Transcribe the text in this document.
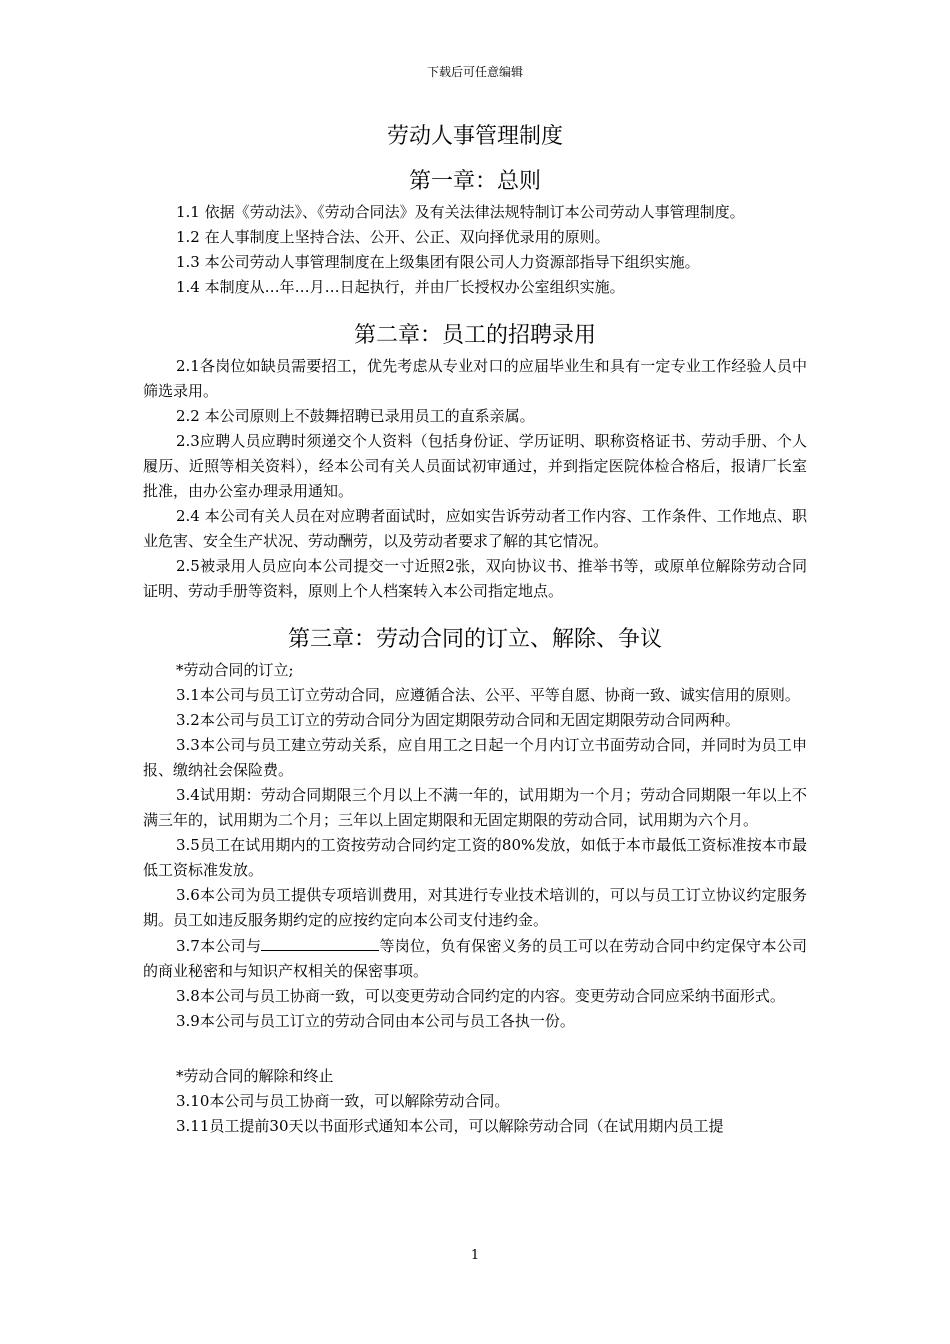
下载后可任意编辑
劳动人事管理制度
第一章：总则

1.1 依据《劳动法》、《劳动合同法》及有关法律法规特制订本公司劳动人事管理制度。

1.2 在人事制度上坚持合法、公开、公正、双向择优录用的原则。

1.3 本公司劳动人事管理制度在上级集团有限公司人力资源部指导下组织实施。

1.4 本制度从…年…月…日起执行，并由厂长授权办公室组织实施。

第二章：员工的招聘录用

2.1各岗位如缺员需要招工，优先考虑从专业对口的应届毕业生和具有一定专业工作经验人员中筛选录用。

2.2 本公司原则上不鼓舞招聘已录用员工的直系亲属。

2.3应聘人员应聘时须递交个人资料（包括身份证、学历证明、职称资格证书、劳动手册、个人履历、近照等相关资料），经本公司有关人员面试初审通过，并到指定医院体检合格后，报请厂长室批准，由办公室办理录用通知。

2.4 本公司有关人员在对应聘者面试时，应如实告诉劳动者工作内容、工作条件、工作地点、职业危害、安全生产状况、劳动酬劳，以及劳动者要求了解的其它情况。

2.5被录用人员应向本公司提交一寸近照2张，双向协议书、推举书等，或原单位解除劳动合同证明、劳动手册等资料，原则上个人档案转入本公司指定地点。

第三章：劳动合同的订立、解除、争议

*劳动合同的订立;

3.1本公司与员工订立劳动合同，应遵循合法、公平、平等自愿、协商一致、诚实信用的原则。

3.2本公司与员工订立的劳动合同分为固定期限劳动合同和无固定期限劳动合同两种。

3.3本公司与员工建立劳动关系，应自用工之日起一个月内订立书面劳动合同，并同时为员工申报、缴纳社会保险费。

3.4试用期：劳动合同期限三个月以上不满一年的，试用期为一个月；劳动合同期限一年以上不满三年的，试用期为二个月；三年以上固定期限和无固定期限的劳动合同，试用期为六个月。

3.5员工在试用期内的工资按劳动合同约定工资的80%发放，如低于本市最低工资标准按本市最低工资标准发放。

3.6本公司为员工提供专项培训费用，对其进行专业技术培训的，可以与员工订立协议约定服务期。员工如违反服务期约定的应按约定向本公司支付违约金。

3.7本公司与	等岗位，负有保密义务的员工可以在劳动合同中约定保守本公司的商业秘密和与知识产权相关的保密事项。

3.8本公司与员工协商一致，可以变更劳动合同约定的内容。变更劳动合同应采纳书面形式。

3.9本公司与员工订立的劳动合同由本公司与员工各执一份。

*劳动合同的解除和终止

3.10本公司与员工协商一致，可以解除劳动合同。

3.11员工提前30天以书面形式通知本公司，可以解除劳动合同（在试用期内员工提

1
